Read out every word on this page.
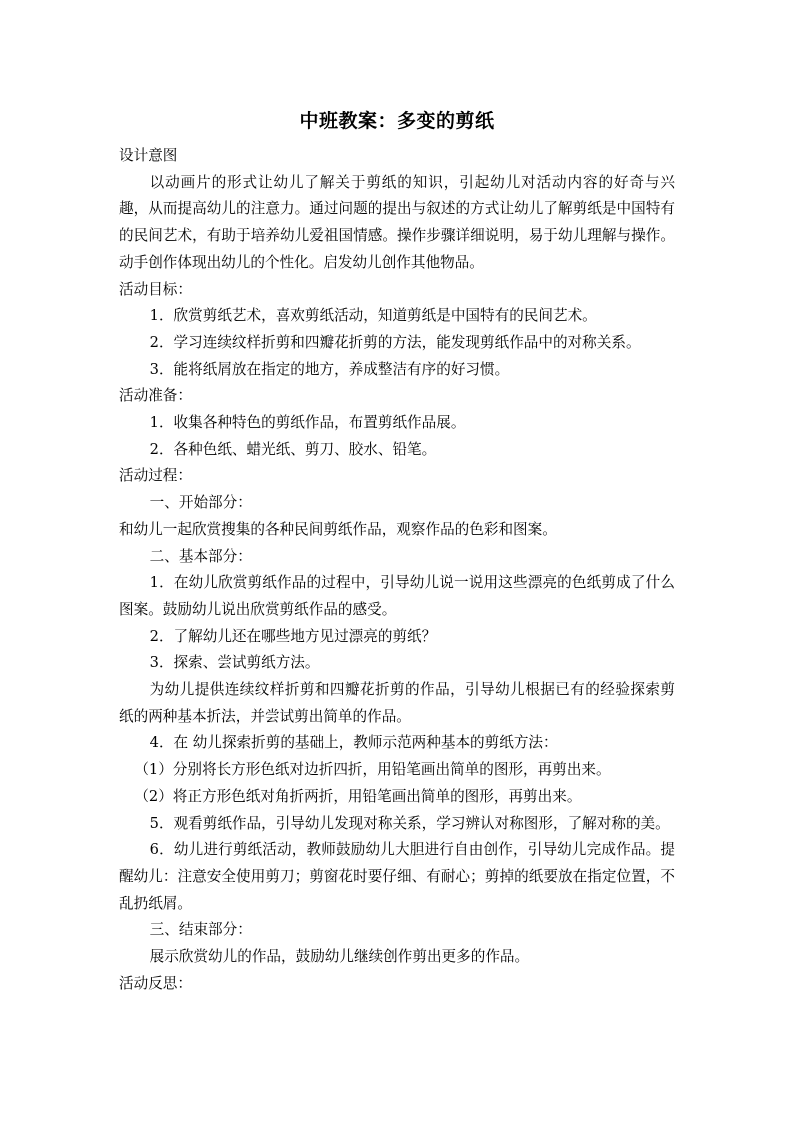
中班教案：多变的剪纸

设计意图

以动画片的形式让幼儿了解关于剪纸的知识，引起幼儿对活动内容的好奇与兴趣，从而提高幼儿的注意力。通过问题的提出与叙述的方式让幼儿了解剪纸是中国特有的民间艺术，有助于培养幼儿爱祖国情感。操作步骤详细说明，易于幼儿理解与操作。动手创作体现出幼儿的个性化。启发幼儿创作其他物品。

活动目标：

1．欣赏剪纸艺术，喜欢剪纸活动，知道剪纸是中国特有的民间艺术。

2．学习连续纹样折剪和四瓣花折剪的方法，能发现剪纸作品中的对称关系。

3．能将纸屑放在指定的地方，养成整洁有序的好习惯。

活动准备：

1．收集各种特色的剪纸作品，布置剪纸作品展。

2．各种色纸、蜡光纸、剪刀、胶水、铅笔。

活动过程：

一、开始部分：

和幼儿一起欣赏搜集的各种民间剪纸作品，观察作品的色彩和图案。

二、基本部分：

1．在幼儿欣赏剪纸作品的过程中，引导幼儿说一说用这些漂亮的色纸剪成了什么图案。鼓励幼儿说出欣赏剪纸作品的感受。

2．了解幼儿还在哪些地方见过漂亮的剪纸？

3．探索、尝试剪纸方法。

为幼儿提供连续纹样折剪和四瓣花折剪的作品，引导幼儿根据已有的经验探索剪纸的两种基本折法，并尝试剪出简单的作品。

4．在 幼儿探索折剪的基础上，教师示范两种基本的剪纸方法：

（1）分别将长方形色纸对边折四折，用铅笔画出简单的图形，再剪出来。

（2）将正方形色纸对角折两折，用铅笔画出简单的图形，再剪出来。

5．观看剪纸作品，引导幼儿发现对称关系，学习辨认对称图形，了解对称的美。

6．幼儿进行剪纸活动，教师鼓励幼儿大胆进行自由创作，引导幼儿完成作品。提醒幼儿：注意安全使用剪刀；剪窗花时要仔细、有耐心；剪掉的纸要放在指定位置，不乱扔纸屑。

三、结束部分：

展示欣赏幼儿的作品，鼓励幼儿继续创作剪出更多的作品。

活动反思：
